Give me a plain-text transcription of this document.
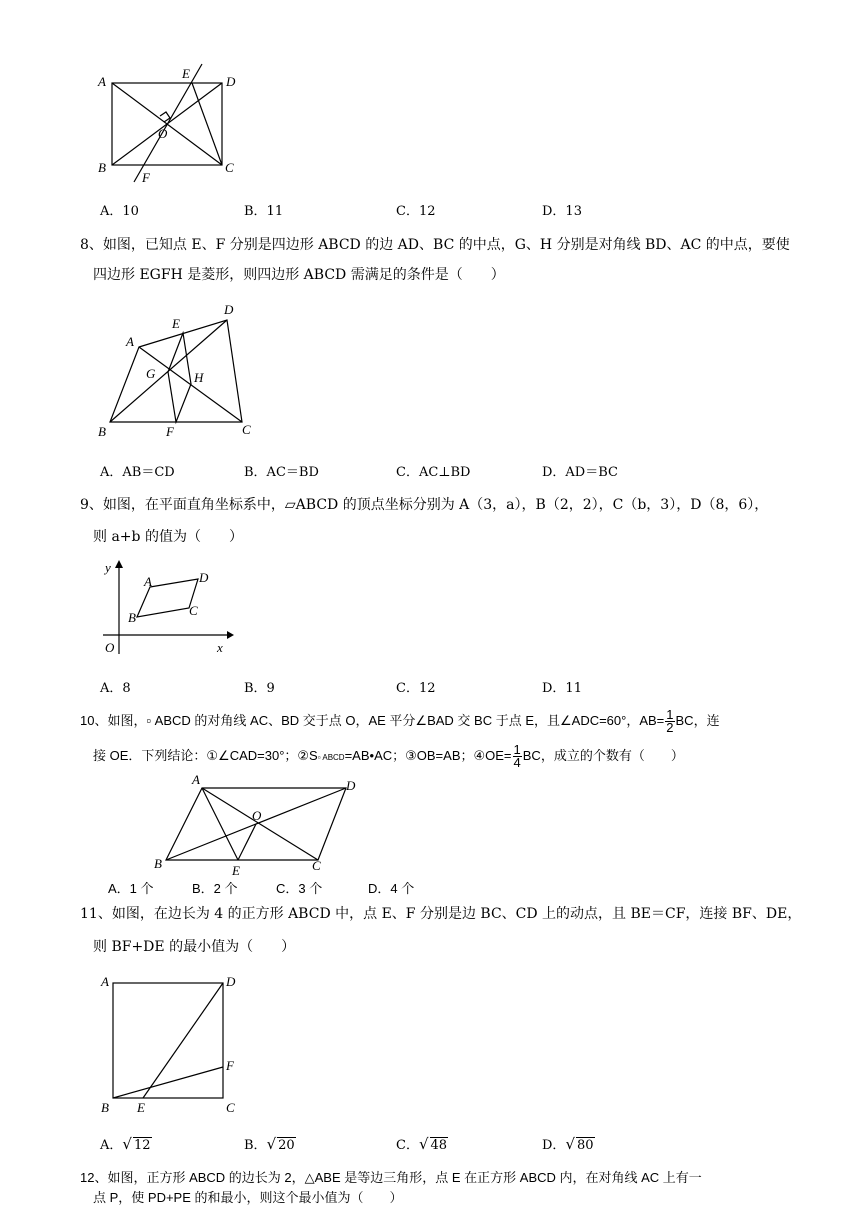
A	D
E
O
B	C
F
A．10	B．11	C．12	D．13
8、如图，已知点 E、F 分别是四边形 ABCD 的边 AD、BC 的中点，G、H 分别是对角线 BD、AC 的中点，要使
四边形 EGFH 是菱形，则四边形 ABCD 需满足的条件是（　　）
A
E
D
G	H
B	F	C
A．AB＝CD	B．AC＝BD	C．AC⊥BD	D．AD＝BC
9、如图，在平面直角坐标系中，▱ABCD 的顶点坐标分别为 A（3，a），B（2，2），C（b，3），D（8，6），
则 a+b 的值为（　　）
y
A	D
C
B
O	x
A．8	B．9	C．12	D．11
10、如图，▫ ABCD 的对角线 AC、BD 交于点 O，AE 平分∠BAD 交 BC 于点 E，且∠ADC=60°，$AB= \frac{1}{2}$ BC，连
接 OE．下列结论：①∠CAD=30°；②S▫ ABCD=AB•AC；③OB=AB；④OE= $\frac{1}{4}$ BC，成立的个数有（　　）
A	D
O
B	E	C
A．1 个	B．2 个	C．3 个	D．4 个
11、如图，在边长为 4 的正方形 ABCD 中，点 E、F 分别是边 BC、CD 上的动点，且 BE＝CF，连接 BF、DE，
则 BF+DE 的最小值为（　　）
A	D
F
B E	C
A．√ 12	B．√ 20	C．√ 48	D．√ 80
12、如图，正方形 ABCD 的边长为 2，△ABE 是等边三角形，点 E 在正方形 ABCD 内，在对角线 AC 上有一
点 P，使 PD+PE 的和最小，则这个最小值为（　　）
